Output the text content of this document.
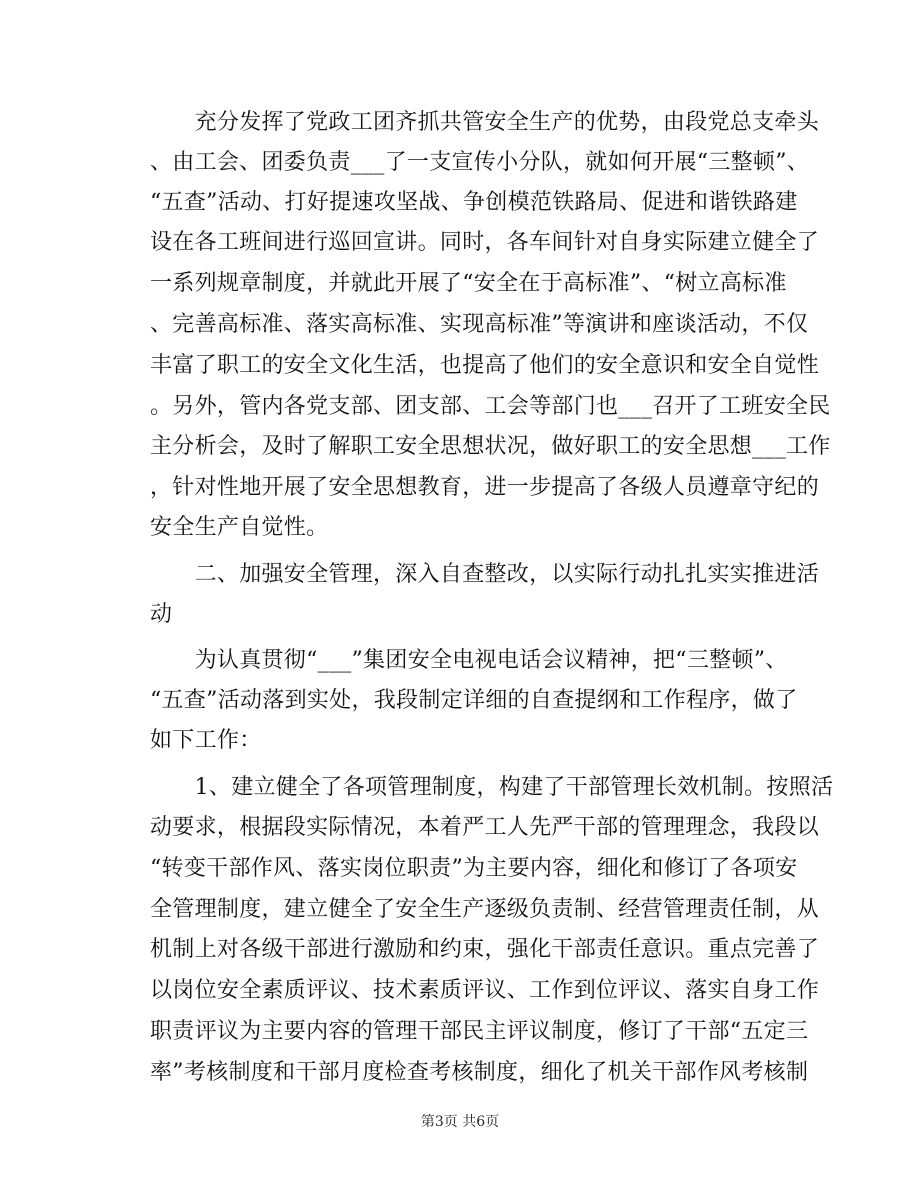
　　充分发挥了党政工团齐抓共管安全生产的优势，由段党总支牵头
、由工会、团委负责___了一支宣传小分队，就如何开展“三整顿”、
“五查”活动、打好提速攻坚战、争创模范铁路局、促进和谐铁路建
设在各工班间进行巡回宣讲。同时，各车间针对自身实际建立健全了
一系列规章制度，并就此开展了“安全在于高标准”、“树立高标准
、完善高标准、落实高标准、实现高标准”等演讲和座谈活动，不仅
丰富了职工的安全文化生活，也提高了他们的安全意识和安全自觉性
。另外，管内各党支部、团支部、工会等部门也___召开了工班安全民
主分析会，及时了解职工安全思想状况，做好职工的安全思想___工作
，针对性地开展了安全思想教育，进一步提高了各级人员遵章守纪的
安全生产自觉性。
　　二、加强安全管理，深入自查整改，以实际行动扎扎实实推进活
动
　　为认真贯彻“___”集团安全电视电话会议精神，把“三整顿”、
“五查”活动落到实处，我段制定详细的自查提纲和工作程序，做了
如下工作：
　　1、建立健全了各项管理制度，构建了干部管理长效机制。按照活
动要求，根据段实际情况，本着严工人先严干部的管理理念，我段以
“转变干部作风、落实岗位职责”为主要内容，细化和修订了各项安
全管理制度，建立健全了安全生产逐级负责制、经营管理责任制，从
机制上对各级干部进行激励和约束，强化干部责任意识。重点完善了
以岗位安全素质评议、技术素质评议、工作到位评议、落实自身工作
职责评议为主要内容的管理干部民主评议制度，修订了干部“五定三
率”考核制度和干部月度检查考核制度，细化了机关干部作风考核制
第3页 共6页
